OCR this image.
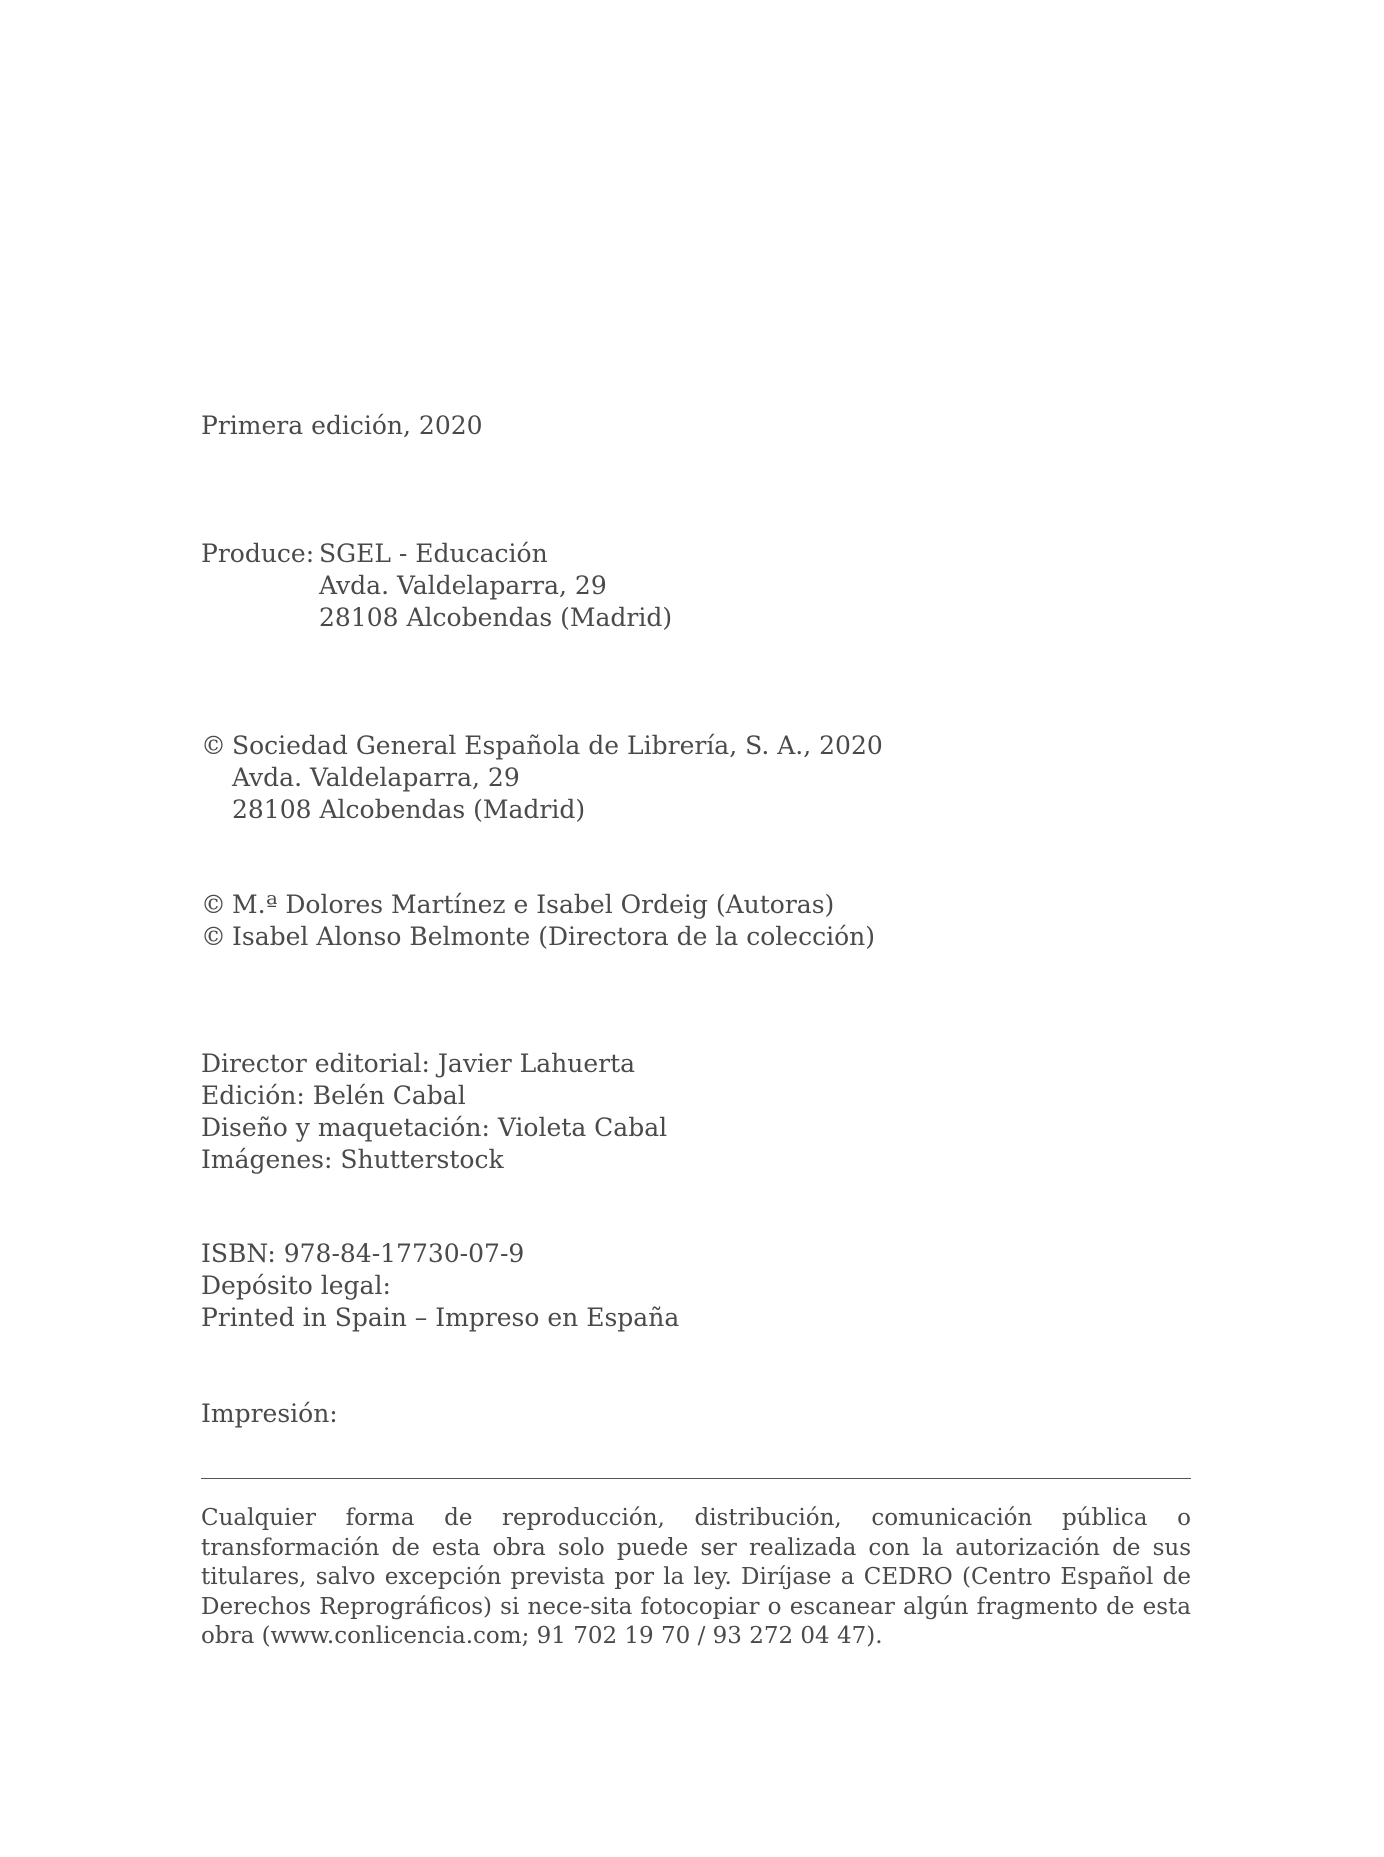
Primera edición, 2020
Produce: SGEL - Educación
Avda. Valdelaparra, 29
28108 Alcobendas (Madrid)
© Sociedad General Española de Librería, S. A., 2020
Avda. Valdelaparra, 29
28108 Alcobendas (Madrid)
© M.ª Dolores Martínez e Isabel Ordeig (Autoras)
© Isabel Alonso Belmonte (Directora de la colección)
Director editorial: Javier Lahuerta
Edición: Belén Cabal
Diseño y maquetación: Violeta Cabal
Imágenes: Shutterstock
ISBN: 978-84-17730-07-9
Depósito legal:
Printed in Spain – Impreso en España
Impresión:
Cualquier forma de reproducción, distribución, comunicación pública o transformación de esta obra solo puede ser realizada con la autorización de sus titulares, salvo excepción prevista por la ley. Diríjase a CEDRO (Centro Español de Derechos Reprográficos) si nece-sita fotocopiar o escanear algún fragmento de esta obra (www.conlicencia.com; 91 702 19 70 / 93 272 04 47).
